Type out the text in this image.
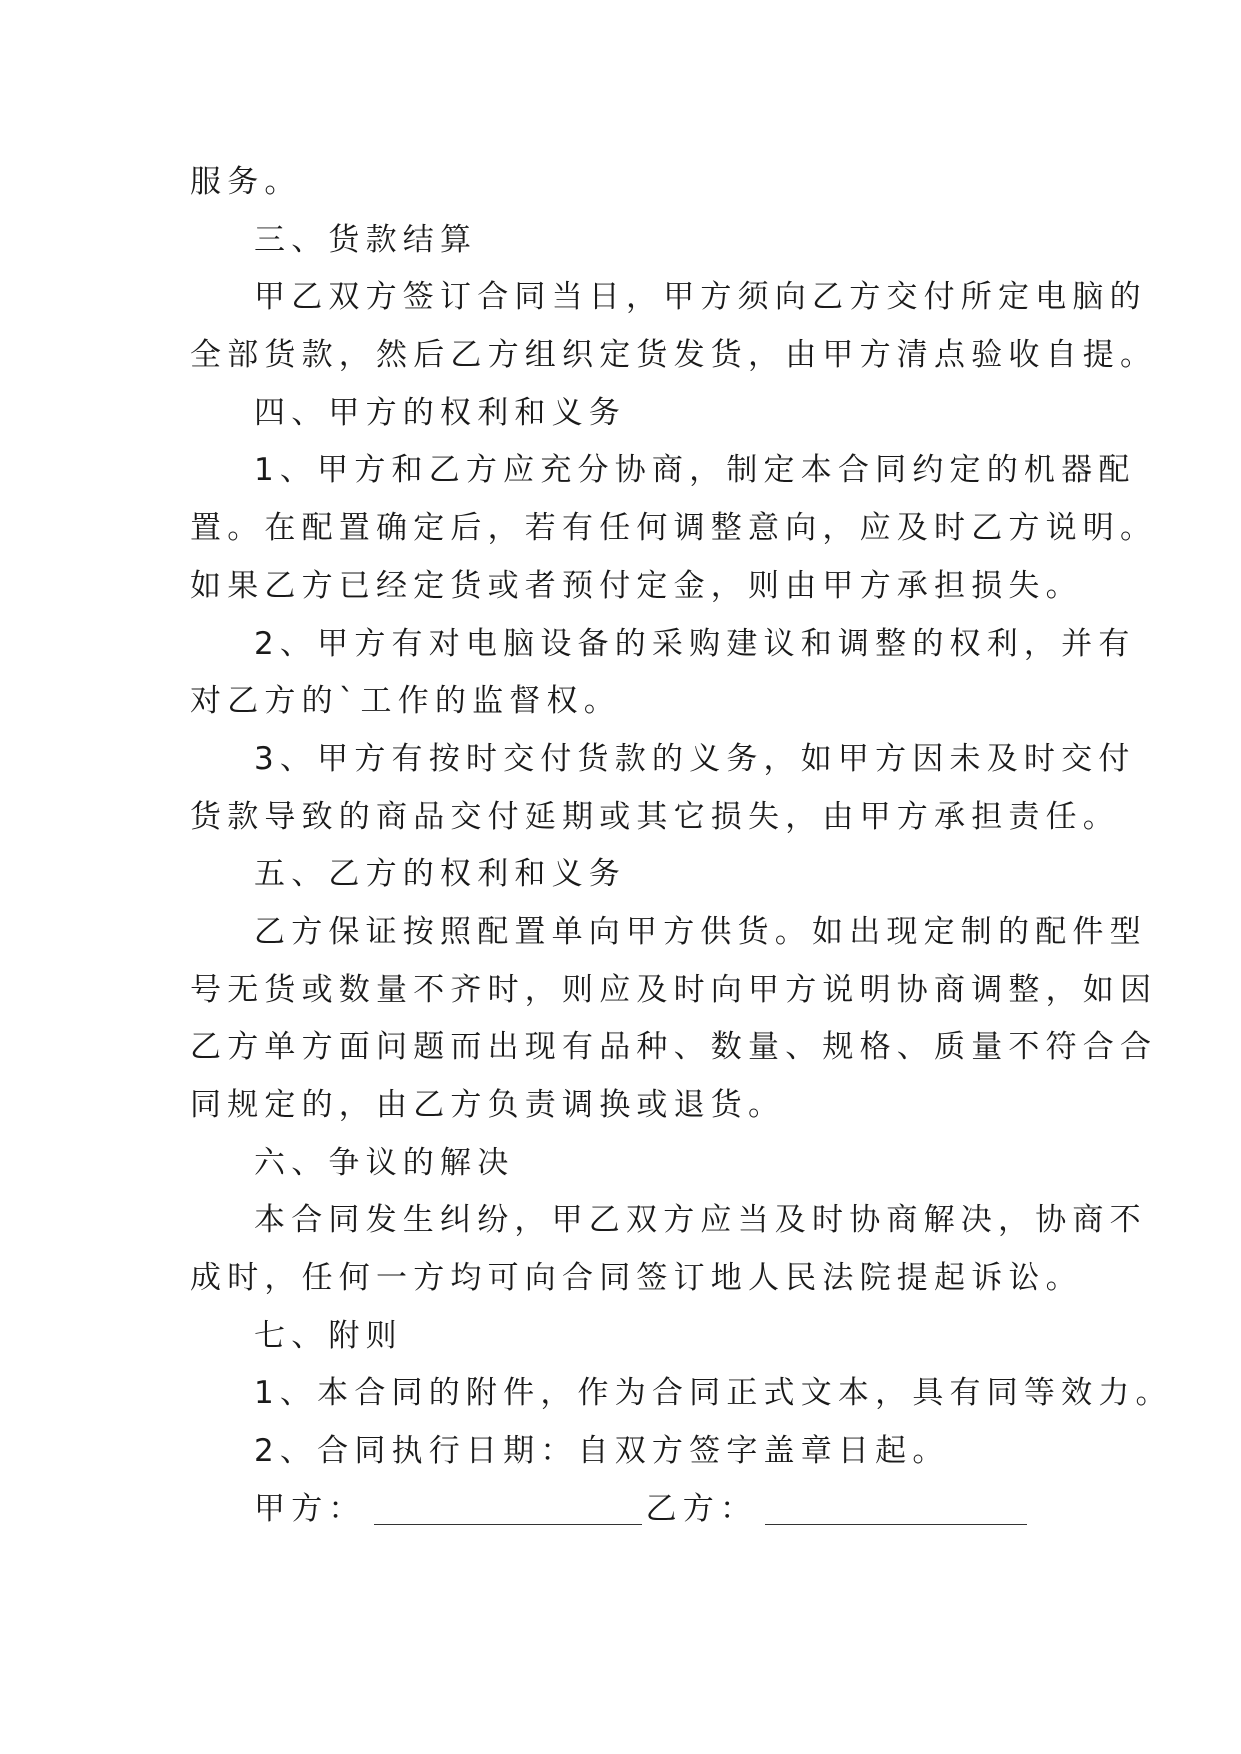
服务。
三、货款结算
甲乙双方签订合同当日，甲方须向乙方交付所定电脑的
全部货款，然后乙方组织定货发货，由甲方清点验收自提。
四、甲方的权利和义务
1、甲方和乙方应充分协商，制定本合同约定的机器配
置。在配置确定后，若有任何调整意向，应及时乙方说明。
如果乙方已经定货或者预付定金，则由甲方承担损失。
2、甲方有对电脑设备的采购建议和调整的权利，并有
对乙方的`工作的监督权。
3、甲方有按时交付货款的义务，如甲方因未及时交付
货款导致的商品交付延期或其它损失，由甲方承担责任。
五、乙方的权利和义务
乙方保证按照配置单向甲方供货。如出现定制的配件型
号无货或数量不齐时，则应及时向甲方说明协商调整，如因
乙方单方面问题而出现有品种、数量、规格、质量不符合合
同规定的，由乙方负责调换或退货。
六、争议的解决
本合同发生纠纷，甲乙双方应当及时协商解决，协商不
成时，任何一方均可向合同签订地人民法院提起诉讼。
七、附则
1、本合同的附件，作为合同正式文本，具有同等效力。
2、合同执行日期：自双方签字盖章日起。
甲方：	乙方：
